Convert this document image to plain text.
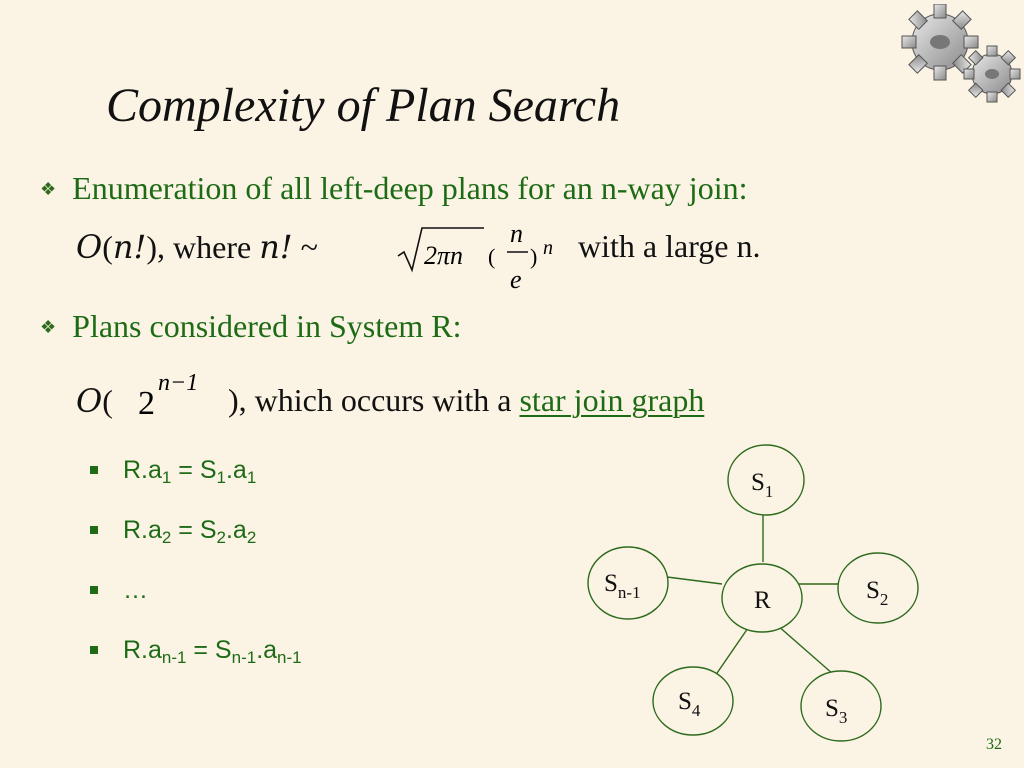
Complexity of Plan Search
❖ Enumeration of all left-deep plans for an n-way join:
O(n!), where n! ~	2πn (
n
e
) n with a large n.
❖ Plans considered in System R:
O( 2
n−1 ), which occurs with a star join graph
$R.a_1 = S_1.a_1$
$R.a_2 = S_2.a_2$
…
$R.a_{n-1} = S_{n-1}.a_{n-1}$
R
$S_1$
$S_2$
$S_3$
$S_4$
$S_{n-1}$
32
